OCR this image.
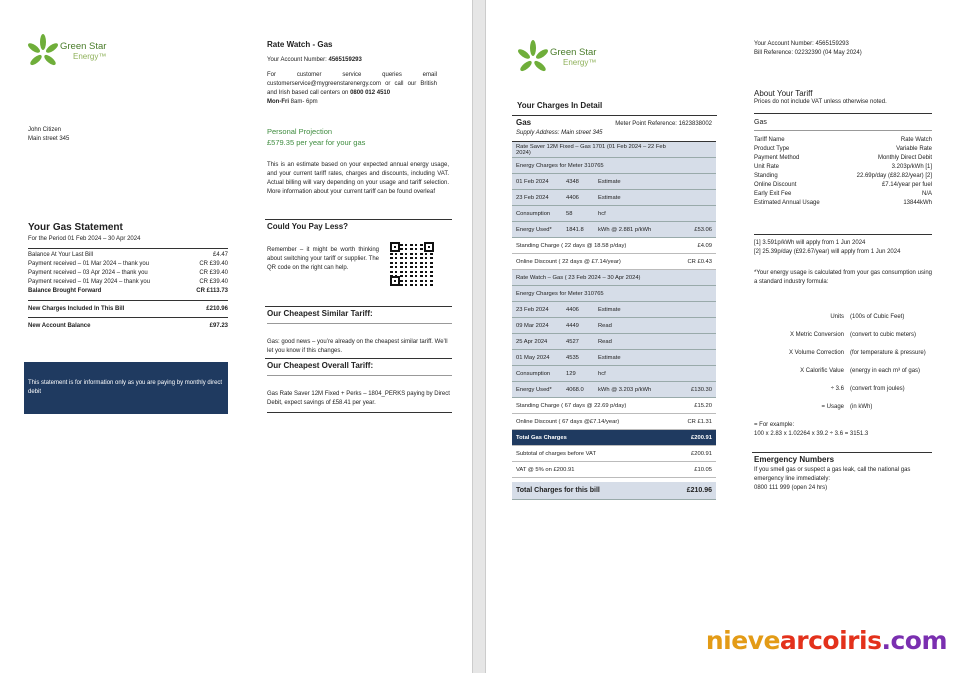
Green Star
Energy™
John Citizen
Main street 345
Your Gas Statement
For the Period 01 Feb 2024 – 30 Apr 2024
Balance At Your Last Bill	£4.47
Payment received – 01 Mar 2024 – thank you	CR £39.40
Payment received – 03 Apr 2024 – thank you	CR £39.40
Payment received – 01 May 2024 – thank you	CR £39.40
Balance Brought Forward	CR £113.73
New Charges Included In This Bill	£210.96
New Account Balance	£97.23
This statement is for information only as you are paying by monthly direct debit
Rate Watch - Gas
Your Account Number: 4565159293
For customer service queries email customerservice@mygreenstarenergy.com or call our British and Irish based call centers on 0800 012 4510
Mon-Fri 8am- 6pm
Personal Projection
£579.35 per year for your gas
This is an estimate based on your expected annual energy usage, and your current tariff rates, charges and discounts, including VAT. Actual billing will vary depending on your usage and tariff selection. More information about your current tariff can be found overleaf
Could You Pay Less?
Remember – it might be worth thinking about switching your tariff or supplier. The QR code on the right can help.
Our Cheapest Similar Tariff:
Gas: good news – you’re already on the cheapest similar tariff. We’ll let you know if this changes.
Our Cheapest Overall Tariff:
Gas Rate Saver 12M Fixed + Perks – 1804_PERKS paying by Direct Debit, expect savings of £58.41 per year.
Green Star
Energy™
Your Charges In Detail
Gas	Meter Point Reference: 1623838002
Supply Address: Main street 345
Rate Saver 12M Fixed – Gas 1701 (01 Feb 2024 – 22 Feb 2024)
Energy Charges for Meter 310765
01 Feb 2024	4348	Estimate
23 Feb 2024	4406	Estimate
Consumption	58	hcf
Energy Used*	1841.8	kWh @ 2.881 p/kWh	£53.06
Standing Charge ( 22 days @ 18.58 p/day)	£4.09
Online Discount ( 22 days @ £7.14/year)	CR £0.43
Rate Watch – Gas ( 23 Feb 2024 – 30 Apr 2024)
Energy Charges for Meter 310765
23 Feb 2024	4406	Estimate
09 Mar 2024	4449	Read
25 Apr 2024	4527	Read
01 May 2024	4535	Estimate
Consumption	129	hcf
Energy Used*	4068.0	kWh @ 3.203 p/kWh	£130.30
Standing Charge ( 67 days @ 22.69 p/day)	£15.20
Online Discount ( 67 days @£7.14/year)	CR £1.31
Total Gas Charges	£200.91
Subtotal of charges before VAT	£200.91
VAT @ 5% on £200.91	£10.05
Total Charges for this bill	£210.96
Your Account Number: 4565159293
Bill Reference: 02232390 (04 May 2024)
About Your Tariff
Prices do not include VAT unless otherwise noted.
Gas
Tariff Name	Rate Watch
Product Type	Variable Rate
Payment Method	Monthly Direct Debit
Unit Rate	3.203p/kWh [1]
Standing	22.69p/day (£82.82/year) [2]
Online Discount	£7.14/year per fuel
Early Exit Fee	N/A
Estimated Annual Usage	13844kWh
[1] 3.591p/kWh will apply from 1 Jun 2024
[2] 25.39p/day (£92.67/year) will apply from 1 Jun 2024
*Your energy usage is calculated from your gas consumption using a standard industry formula:
Units	(100s of Cubic Feet)
X Metric Conversion	(convert to cubic meters)
X Volume Correction	(for temperature & pressure)
X Calorific Value	(energy in each m³ of gas)
÷ 3.6	(convert from joules)
= Usage	(in kWh)
= For example:
100 x 2.83 x 1.02264 x 39.2 ÷ 3.6 = 3151.3
Emergency Numbers
If you smell gas or suspect a gas leak, call the national gas emergency line immediately:
0800 111 999 (open 24 hrs)
nievearcoiris.com
